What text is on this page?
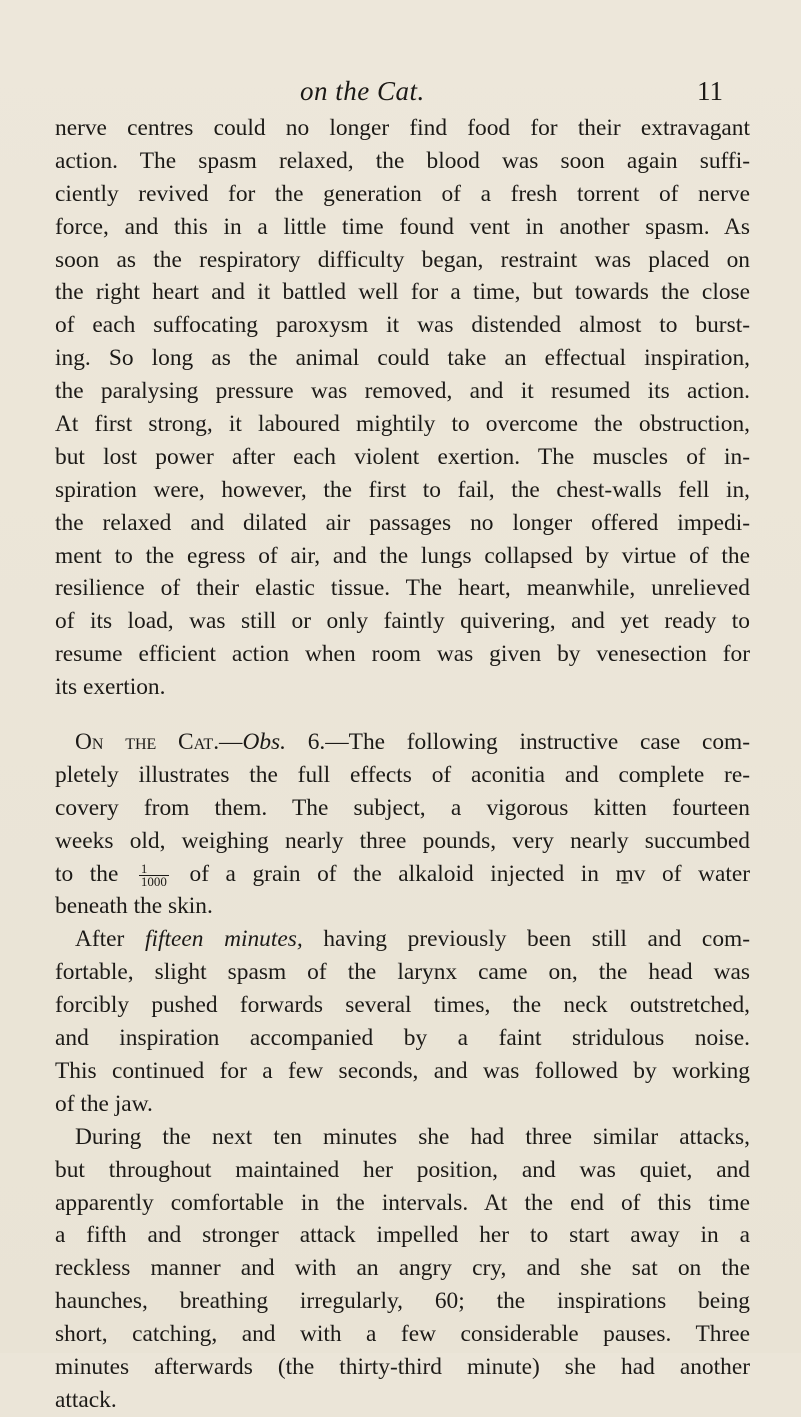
on the Cat.	11
nerve centres could no longer find food for their extravagant
action. The spasm relaxed, the blood was soon again suffi-
ciently revived for the generation of a fresh torrent of nerve
force, and this in a little time found vent in another spasm. As
soon as the respiratory difficulty began, restraint was placed on
the right heart and it battled well for a time, but towards the close
of each suffocating paroxysm it was distended almost to burst-
ing. So long as the animal could take an effectual inspiration,
the paralysing pressure was removed, and it resumed its action.
At first strong, it laboured mightily to overcome the obstruction,
but lost power after each violent exertion. The muscles of in-
spiration were, however, the first to fail, the chest-walls fell in,
the relaxed and dilated air passages no longer offered impedi-
ment to the egress of air, and the lungs collapsed by virtue of the
resilience of their elastic tissue. The heart, meanwhile, unrelieved
of its load, was still or only faintly quivering, and yet ready to
resume efficient action when room was given by venesection for
its exertion.
On the Cat.—Obs. 6.—The following instructive case com-
pletely illustrates the full effects of aconitia and complete re-
covery from them. The subject, a vigorous kitten fourteen
weeks old, weighing nearly three pounds, very nearly succumbed
to the $\frac{1}{1000}$ of a grain of the alkaloid injected in m̱v of water
beneath the skin.
After fifteen minutes, having previously been still and com-
fortable, slight spasm of the larynx came on, the head was
forcibly pushed forwards several times, the neck outstretched,
and inspiration accompanied by a faint stridulous noise.
This continued for a few seconds, and was followed by working
of the jaw.
During the next ten minutes she had three similar attacks,
but throughout maintained her position, and was quiet, and
apparently comfortable in the intervals. At the end of this time
a fifth and stronger attack impelled her to start away in a
reckless manner and with an angry cry, and she sat on the
haunches, breathing irregularly, 60; the inspirations being
short, catching, and with a few considerable pauses. Three
minutes afterwards (the thirty-third minute) she had another
attack.
